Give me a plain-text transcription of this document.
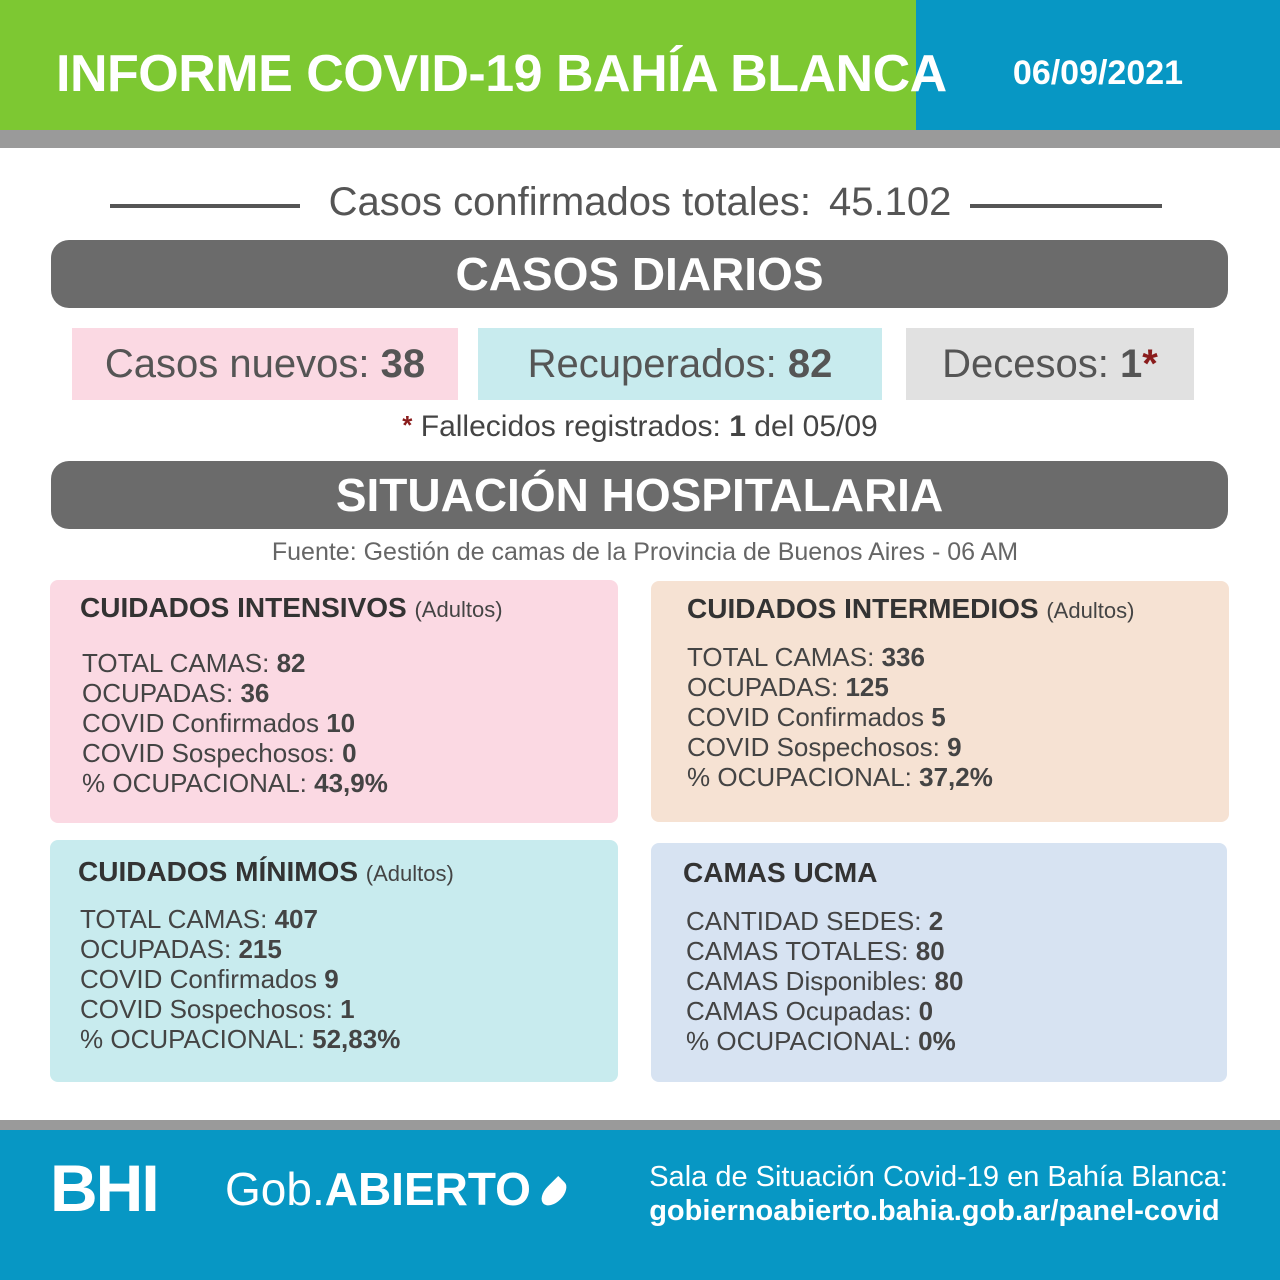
INFORME COVID-19 BAHÍA BLANCA	06/09/2021
Casos confirmados totales: 45.102
CASOS DIARIOS
Casos nuevos: 38	Recuperados: 82	Decesos: 1*
* Fallecidos registrados: 1 del 05/09
SITUACIÓN HOSPITALARIA
Fuente: Gestión de camas de la Provincia de Buenos Aires - 06 AM
CUIDADOS INTENSIVOS (Adultos)
TOTAL CAMAS: 82
OCUPADAS: 36
COVID Confirmados 10
COVID Sospechosos: 0
% OCUPACIONAL: 43,9%
CUIDADOS INTERMEDIOS (Adultos)
TOTAL CAMAS: 336
OCUPADAS: 125
COVID Confirmados 5
COVID Sospechosos: 9
% OCUPACIONAL: 37,2%
CUIDADOS MÍNIMOS (Adultos)
TOTAL CAMAS: 407
OCUPADAS: 215
COVID Confirmados 9
COVID Sospechosos: 1
% OCUPACIONAL: 52,83%
CAMAS UCMA
CANTIDAD SEDES: 2
CAMAS TOTALES: 80
CAMAS Disponibles: 80
CAMAS Ocupadas: 0
% OCUPACIONAL: 0%
BHI Gob.ABIERTO	Sala de Situación Covid-19 en Bahía Blanca:
gobiernoabierto.bahia.gob.ar/panel-covid
